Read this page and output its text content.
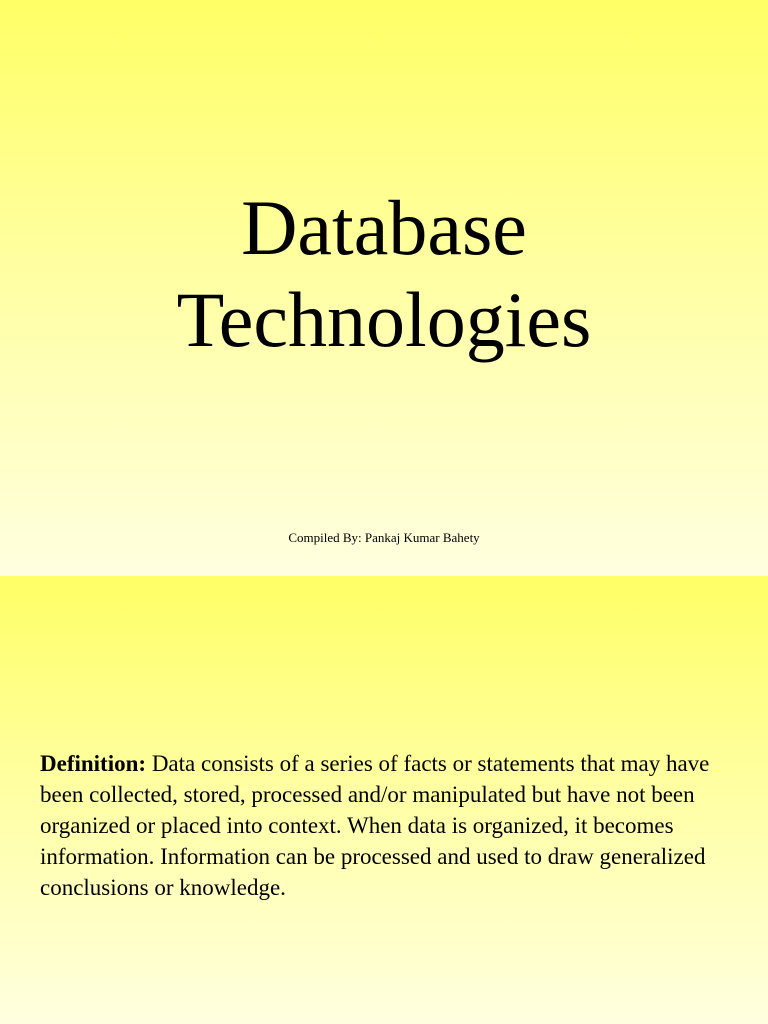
Database
Technologies
Compiled By: Pankaj Kumar Bahety

Definition: Data consists of a series of facts or statements that may have been collected, stored, processed and/or manipulated but have not been organized or placed into context. When data is organized, it becomes information. Information can be processed and used to draw generalized conclusions or knowledge.
